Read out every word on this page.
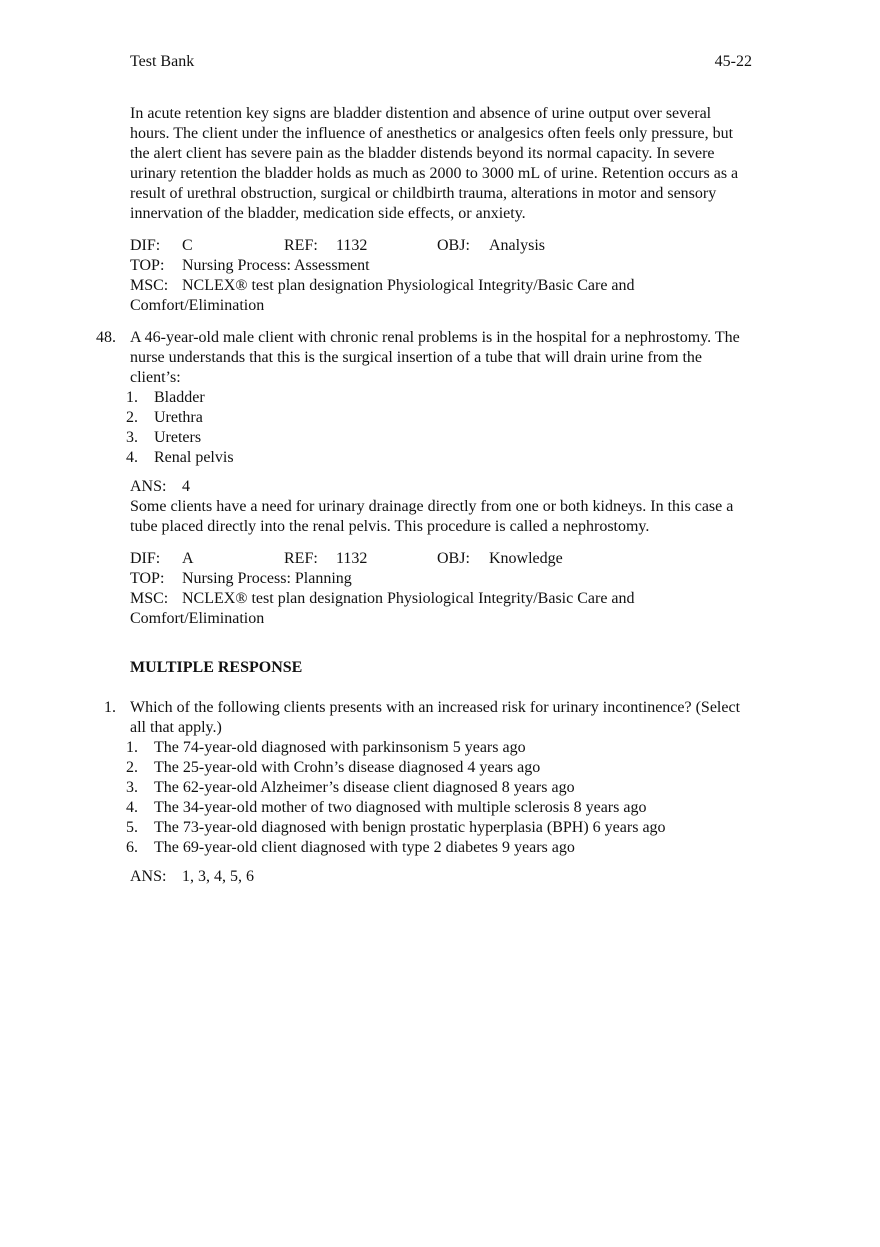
Test Bank	45-22

In acute retention key signs are bladder distention and absence of urine output over several hours. The client under the influence of anesthetics or analgesics often feels only pressure, but the alert client has severe pain as the bladder distends beyond its normal capacity. In severe urinary retention the bladder holds as much as 2000 to 3000 mL of urine. Retention occurs as a result of urethral obstruction, surgical or childbirth trauma, alterations in motor and sensory innervation of the bladder, medication side effects, or anxiety.

DIF: C	REF: 1132	OBJ: Analysis
TOP: Nursing Process: Assessment
MSC: NCLEX® test plan designation Physiological Integrity/Basic Care and

Comfort/Elimination

48. A 46-year-old male client with chronic renal problems is in the hospital for a nephrostomy. The nurse understands that this is the surgical insertion of a tube that will drain urine from the client’s:

1. Bladder
2. Urethra
3. Ureters
4. Renal pelvis
ANS: 4

Some clients have a need for urinary drainage directly from one or both kidneys. In this case a tube placed directly into the renal pelvis. This procedure is called a nephrostomy.

DIF: A	REF: 1132	OBJ: Knowledge
TOP: Nursing Process: Planning
MSC: NCLEX® test plan designation Physiological Integrity/Basic Care and

Comfort/Elimination

MULTIPLE RESPONSE

1. Which of the following clients presents with an increased risk for urinary incontinence? (Select all that apply.)

1. The 74-year-old diagnosed with parkinsonism 5 years ago
2. The 25-year-old with Crohn’s disease diagnosed 4 years ago
3. The 62-year-old Alzheimer’s disease client diagnosed 8 years ago
4. The 34-year-old mother of two diagnosed with multiple sclerosis 8 years ago
5. The 73-year-old diagnosed with benign prostatic hyperplasia (BPH) 6 years ago
6. The 69-year-old client diagnosed with type 2 diabetes 9 years ago
ANS: 1, 3, 4, 5, 6
